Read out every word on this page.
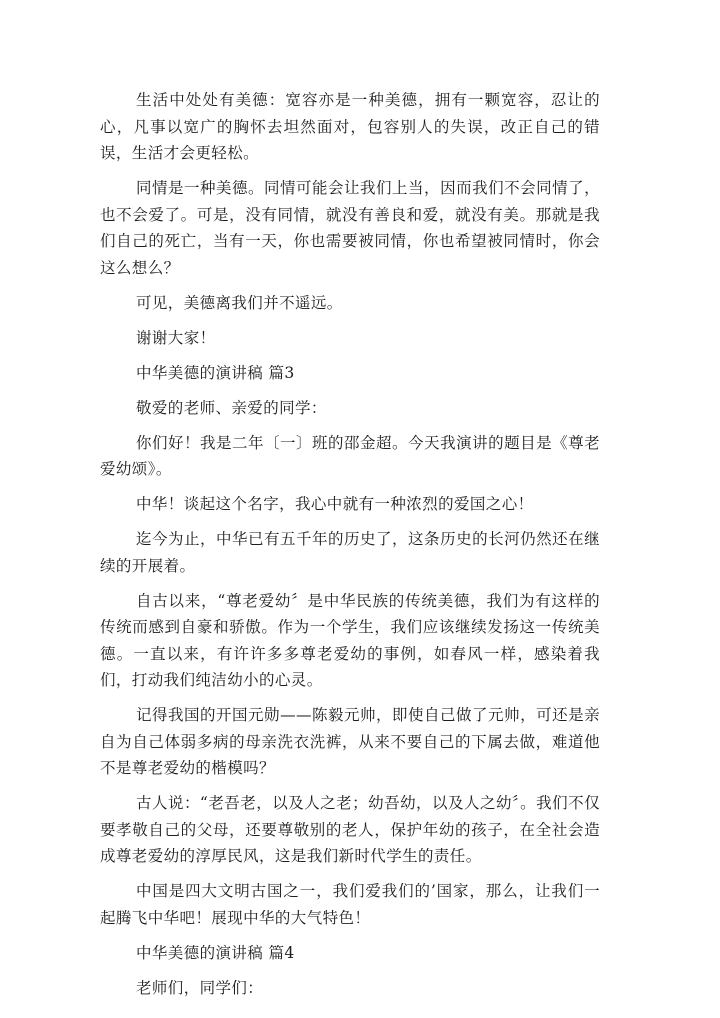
生活中处处有美德：宽容亦是一种美德，拥有一颗宽容，忍让的心，凡事以宽广的胸怀去坦然面对，包容别人的失误，改正自己的错误，生活才会更轻松。

同情是一种美德。同情可能会让我们上当，因而我们不会同情了，也不会爱了。可是，没有同情，就没有善良和爱，就没有美。那就是我们自己的死亡，当有一天，你也需要被同情，你也希望被同情时，你会这么想么？

可见，美德离我们并不遥远。

谢谢大家！

中华美德的演讲稿 篇3

敬爱的老师、亲爱的同学：

你们好！我是二年〔一〕班的邵金超。今天我演讲的题目是《尊老爱幼颂》。

中华！谈起这个名字，我心中就有一种浓烈的爱国之心！

迄今为止，中华已有五千年的历史了，这条历史的长河仍然还在继续的开展着。

自古以来，“尊老爱幼〞是中华民族的传统美德，我们为有这样的传统而感到自豪和骄傲。作为一个学生，我们应该继续发扬这一传统美德。一直以来，有许许多多尊老爱幼的事例，如春风一样，感染着我们，打动我们纯洁幼小的心灵。

记得我国的开国元勋——陈毅元帅，即使自己做了元帅，可还是亲自为自己体弱多病的母亲洗衣洗裤，从来不要自己的下属去做，难道他不是尊老爱幼的楷模吗？

古人说：“老吾老，以及人之老；幼吾幼，以及人之幼〞。我们不仅要孝敬自己的父母，还要尊敬别的老人，保护年幼的孩子，在全社会造成尊老爱幼的淳厚民风，这是我们新时代学生的责任。

中国是四大文明古国之一，我们爱我们的’国家，那么，让我们一起腾飞中华吧！展现中华的大气特色！

中华美德的演讲稿 篇4

老师们，同学们：
